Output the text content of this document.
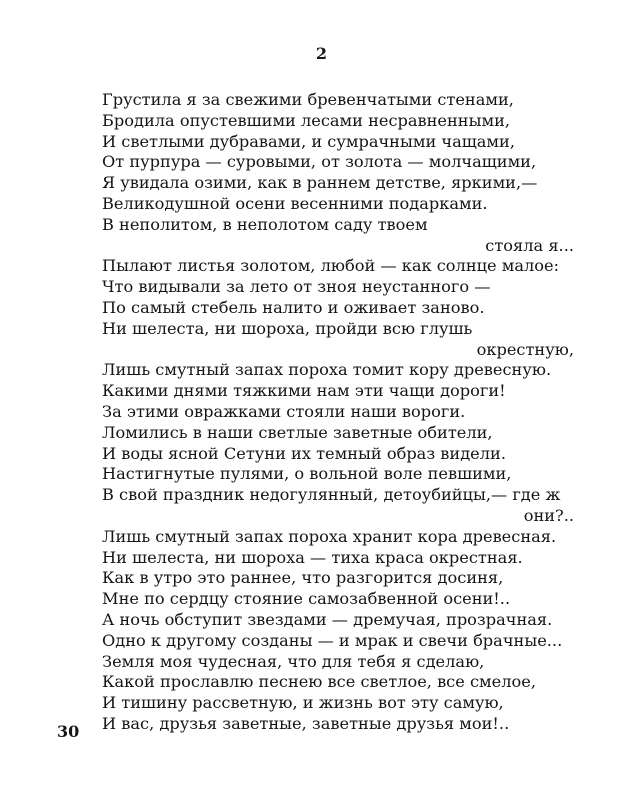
2
Грустила я за свежими бревенчатыми стенами,
Бродила опустевшими лесами несравненными,
И светлыми дубравами, и сумрачными чащами,
От пурпура — суровыми, от золота — молчащими,
Я увидала озими, как в раннем детстве, яркими,—
Великодушной осени весенними подарками.
В неполитом, в неполотом саду твоем
стояла я...
Пылают листья золотом, любой — как солнце малое:
Что видывали за лето от зноя неустанного —
По самый стебель налито и оживает заново.
Ни шелеста, ни шороха, пройди всю глушь
окрестную,
Лишь смутный запах пороха томит кору древесную.
Какими днями тяжкими нам эти чащи дороги!
За этими овражками стояли наши вороги.
Ломились в наши светлые заветные обители,
И воды ясной Сетуни их темный образ видели.
Настигнутые пулями, о вольной воле певшими,
В свой праздник недогулянный, детоубийцы,— где ж
они?..
Лишь смутный запах пороха хранит кора древесная.
Ни шелеста, ни шороха — тиха краса окрестная.
Как в утро это раннее, что разгорится досиня,
Мне по сердцу стояние самозабвенной осени!..
А ночь обступит звездами — дремучая, прозрачная.
Одно к другому созданы — и мрак и свечи брачные...
Земля моя чудесная, что для тебя я сделаю,
Какой прославлю песнею все светлое, все смелое,
И тишину рассветную, и жизнь вот эту самую,
И вас, друзья заветные, заветные друзья мои!..
30
